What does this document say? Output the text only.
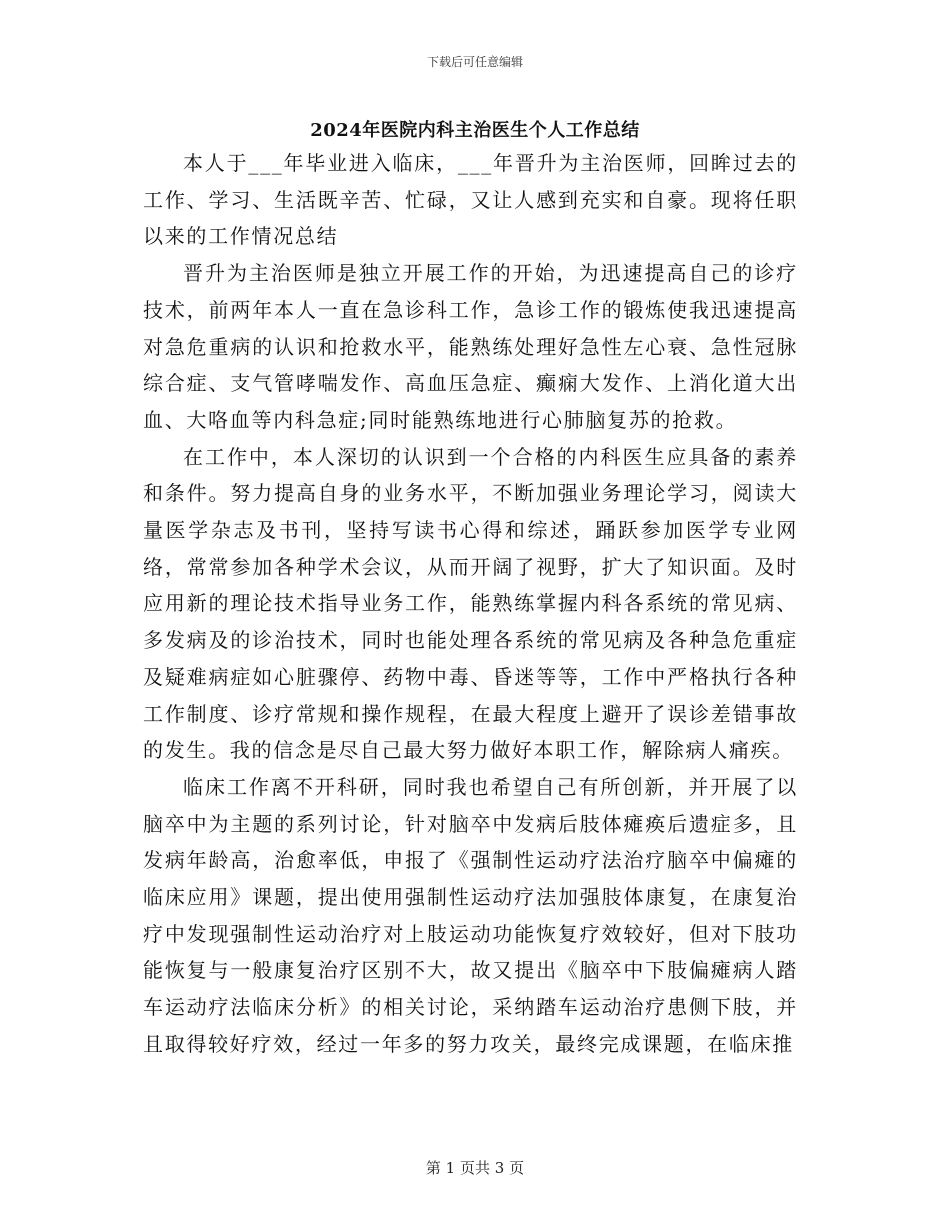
下载后可任意编辑
2024年医院内科主治医生个人工作总结

本人于___年毕业进入临床，___年晋升为主治医师，回眸过去的工作、学习、生活既辛苦、忙碌，又让人感到充实和自豪。现将任职以来的工作情况总结

晋升为主治医师是独立开展工作的开始，为迅速提高自己的诊疗技术，前两年本人一直在急诊科工作，急诊工作的锻炼使我迅速提高对急危重病的认识和抢救水平，能熟练处理好急性左心衰、急性冠脉综合症、支气管哮喘发作、高血压急症、癫痫大发作、上消化道大出血、大咯血等内科急症;同时能熟练地进行心肺脑复苏的抢救。

在工作中，本人深切的认识到一个合格的内科医生应具备的素养和条件。努力提高自身的业务水平，不断加强业务理论学习，阅读大量医学杂志及书刊，坚持写读书心得和综述，踊跃参加医学专业网络，常常参加各种学术会议，从而开阔了视野，扩大了知识面。及时应用新的理论技术指导业务工作，能熟练掌握内科各系统的常见病、多发病及的诊治技术，同时也能处理各系统的常见病及各种急危重症及疑难病症如心脏骤停、药物中毒、昏迷等等，工作中严格执行各种工作制度、诊疗常规和操作规程，在最大程度上避开了误诊差错事故的发生。我的信念是尽自己最大努力做好本职工作，解除病人痛疾。

临床工作离不开科研，同时我也希望自己有所创新，并开展了以脑卒中为主题的系列讨论，针对脑卒中发病后肢体瘫痪后遗症多，且发病年龄高，治愈率低，申报了《强制性运动疗法治疗脑卒中偏瘫的临床应用》课题，提出使用强制性运动疗法加强肢体康复，在康复治疗中发现强制性运动治疗对上肢运动功能恢复疗效较好，但对下肢功能恢复与一般康复治疗区别不大，故又提出《脑卒中下肢偏瘫病人踏车运动疗法临床分析》的相关讨论，采纳踏车运动治疗患侧下肢，并且取得较好疗效，经过一年多的努力攻关，最终完成课题，在临床推

第 1 页共 3 页
